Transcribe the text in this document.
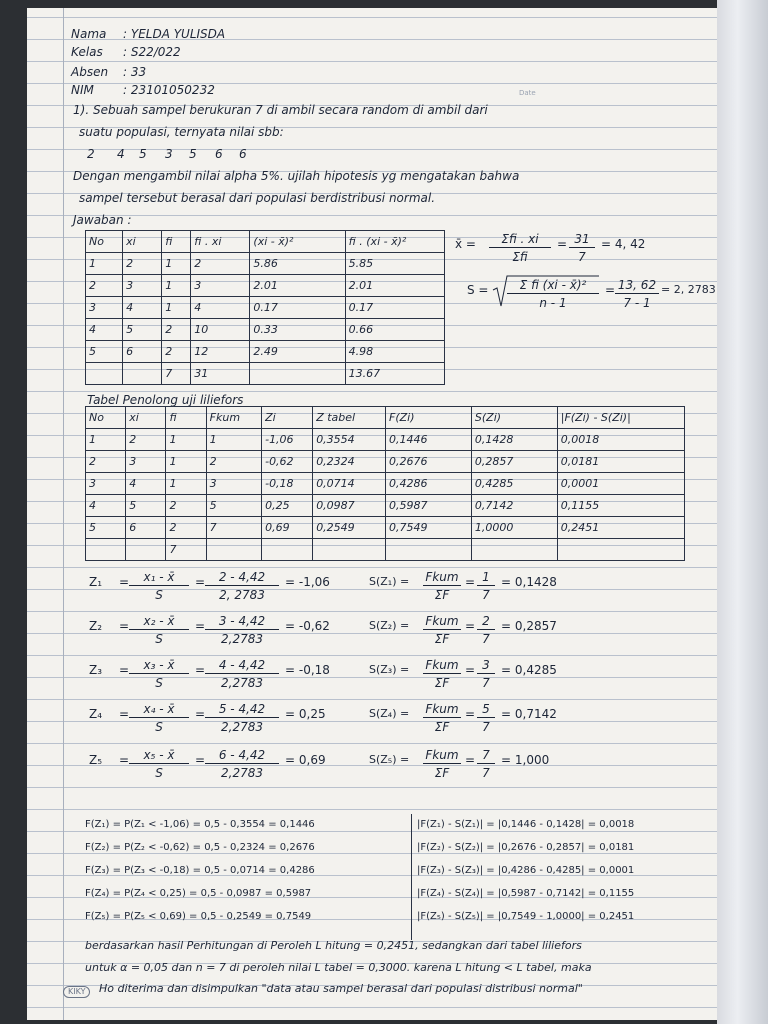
Date
Nama : YELDA YULISDA
Kelas : S22/022
Absen : 33
NIM : 23101050232
1). Sebuah sampel berukuran 7 di ambil secara random di ambil dari
suatu populasi, ternyata nilai sbb:
2 4 5 3 5 6 6
Dengan mengambil nilai alpha 5%. ujilah hipotesis yg mengatakan bahwa
sampel tersebut berasal dari populasi berdistribusi normal.
Jawaban :
No	xi	fi	fi . xi	(xi - x̄)²	fi . (xi - x̄)²
1	2	1	2	5.86	5.85
2	3	1	3	2.01	2.01
3	4	1	4	0.17	0.17
4	5	2	10	0.33	0.66
5	6	2	12	2.49	4.98
		7	31		13.67
x̄ =	Σfi . xi
Σfi
= $\frac{31}{7} = 4$, 42
$S = \frac{\text{Σ fi (xi - x̄)²}}{n - 1} = \frac{13, 62}{7 - 1} = 2$, 2783
Tabel Penolong uji liliefors
No	xi	fi	Fkum	Zi	Z tabel	F(Zi)	S(Zi)	|F(Zi) - S(Zi)|
1	2	1	1	-1,06	0,3554	0,1446	0,1428	0,0018
2	3	1	2	-0,62	0,2324	0,2676	0,2857	0,0181
3	4	1	3	-0,18	0,0714	0,4286	0,4285	0,0001
4	5	2	5	0,25	0,0987	0,5987	0,7142	0,1155
5	6	2	7	0,69	0,2549	0,7549	1,0000	0,2451
		7						
$Z_1 = \frac{\text{x₁ - x̄}}{S} = \frac{2 - 4,42}{2, 2783} = -1,06$	S(Z₁) = Fkum
ΣF
= $\frac{1}{7} = 0,1428$
$Z_2 = \frac{\text{x₂ - x̄}}{S} = \frac{3 - 4,42}{2,2783} = -0,62$	S(Z₂) = Fkum
ΣF
= $\frac{2}{7} = 0,2857$
$Z_3 = \frac{\text{x₃ - x̄}}{S} = \frac{4 - 4,42}{2,2783} = -0,18$	S(Z₃) = Fkum
ΣF
= $\frac{3}{7} = 0,4285$
$Z_4 = \frac{\text{x₄ - x̄}}{S} = \frac{5 - 4,42}{2,2783} = 0,25$	S(Z₄) = Fkum
ΣF
= $\frac{5}{7} = 0,7142$
$Z_5 = \frac{\text{x₅ - x̄}}{S} = \frac{6 - 4,42}{2,2783} = 0,69$	S(Z₅) = Fkum
ΣF
= $\frac{7}{7} = 1,000$
F(Z₁) = P(Z₁ < -1,06) = 0,5 - 0,3554 = 0,1446
F(Z₂) = P(Z₂ < -0,62) = 0,5 - 0,2324 = 0,2676
F(Z₃) = P(Z₃ < -0,18) = 0,5 - 0,0714 = 0,4286
F(Z₄) = P(Z₄ < 0,25) = 0,5 - 0,0987 = 0,5987
F(Z₅) = P(Z₅ < 0,69) = 0,5 - 0,2549 = 0,7549
|F(Z₁) - S(Z₁)| = |0,1446 - 0,1428| = 0,0018
|F(Z₂) - S(Z₂)| = |0,2676 - 0,2857| = 0,0181
|F(Z₃) - S(Z₃)| = |0,4286 - 0,4285| = 0,0001
|F(Z₄) - S(Z₄)| = |0,5987 - 0,7142| = 0,1155
|F(Z₅) - S(Z₅)| = |0,7549 - 1,0000| = 0,2451
berdasarkan hasil Perhitungan di Peroleh L hitung = 0,2451, sedangkan dari tabel liliefors
untuk α = 0,05 dan n = 7 di peroleh nilai L tabel = 0,3000. karena L hitung < L tabel, maka
Ho diterima dan disimpulkan "data atau sampel berasal dari populasi distribusi normal"
KIKY
